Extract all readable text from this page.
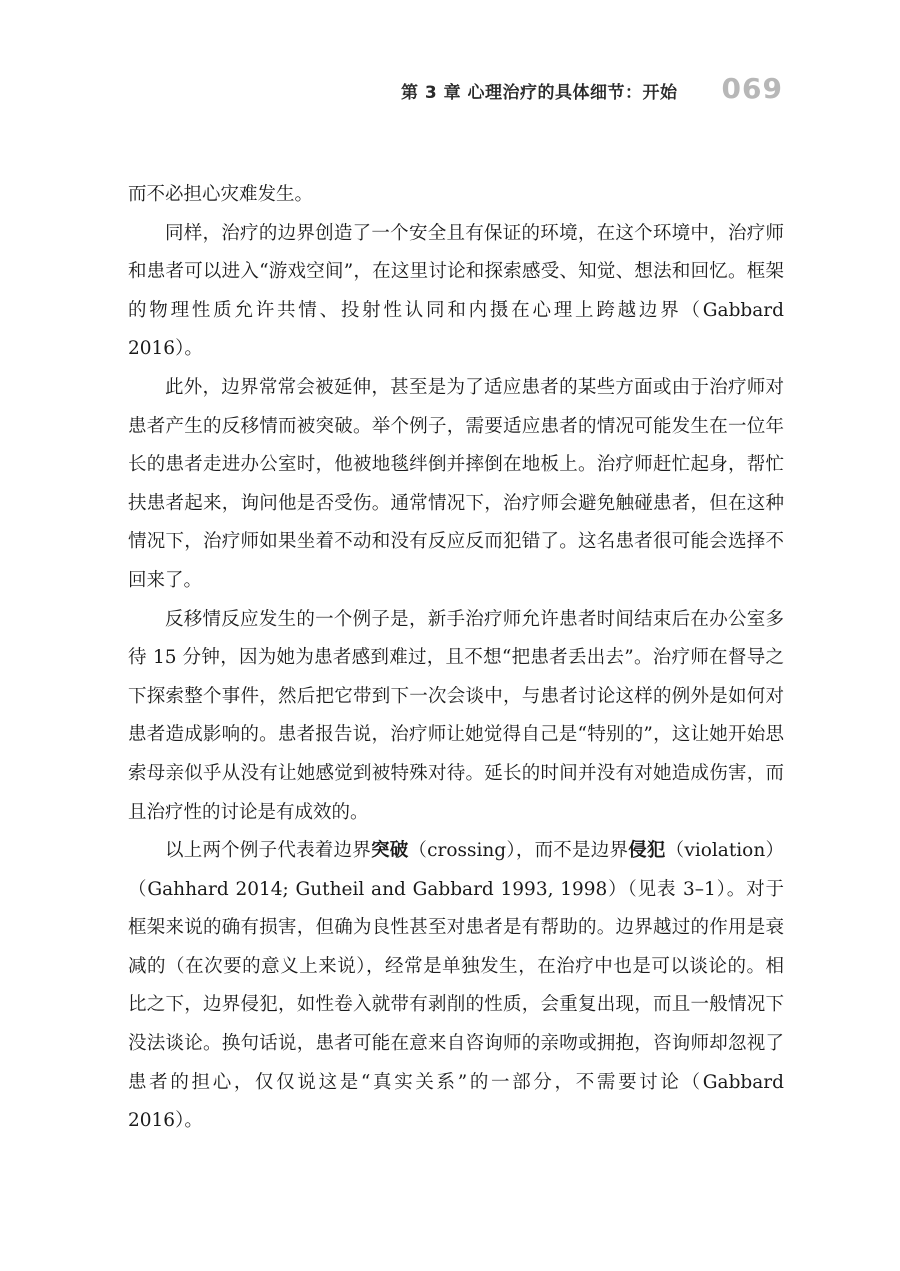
第 3 章 心理治疗的具体细节：开始 069

而不必担心灾难发生。

同样，治疗的边界创造了一个安全且有保证的环境，在这个环境中，治疗师和患者可以进入“游戏空间”，在这里讨论和探索感受、知觉、想法和回忆。框架的物理性质允许共情、投射性认同和内摄在心理上跨越边界（Gabbard 2016）。

此外，边界常常会被延伸，甚至是为了适应患者的某些方面或由于治疗师对患者产生的反移情而被突破。举个例子，需要适应患者的情况可能发生在一位年长的患者走进办公室时，他被地毯绊倒并摔倒在地板上。治疗师赶忙起身，帮忙扶患者起来，询问他是否受伤。通常情况下，治疗师会避免触碰患者，但在这种情况下，治疗师如果坐着不动和没有反应反而犯错了。这名患者很可能会选择不回来了。

反移情反应发生的一个例子是，新手治疗师允许患者时间结束后在办公室多待 15 分钟，因为她为患者感到难过，且不想“把患者丢出去”。治疗师在督导之下探索整个事件，然后把它带到下一次会谈中，与患者讨论这样的例外是如何对患者造成影响的。患者报告说，治疗师让她觉得自己是“特别的”，这让她开始思索母亲似乎从没有让她感觉到被特殊对待。延长的时间并没有对她造成伤害，而且治疗性的讨论是有成效的。

以上两个例子代表着边界突破（crossing），而不是边界侵犯（violation）（Gahhard 2014; Gutheil and Gabbard 1993, 1998）（见表 3–1）。对于框架来说的确有损害，但确为良性甚至对患者是有帮助的。边界越过的作用是衰减的（在次要的意义上来说），经常是单独发生，在治疗中也是可以谈论的。相比之下，边界侵犯，如性卷入就带有剥削的性质，会重复出现，而且一般情况下没法谈论。换句话说，患者可能在意来自咨询师的亲吻或拥抱，咨询师却忽视了患者的担心，仅仅说这是“真实关系”的一部分，不需要讨论（Gabbard 2016）。
